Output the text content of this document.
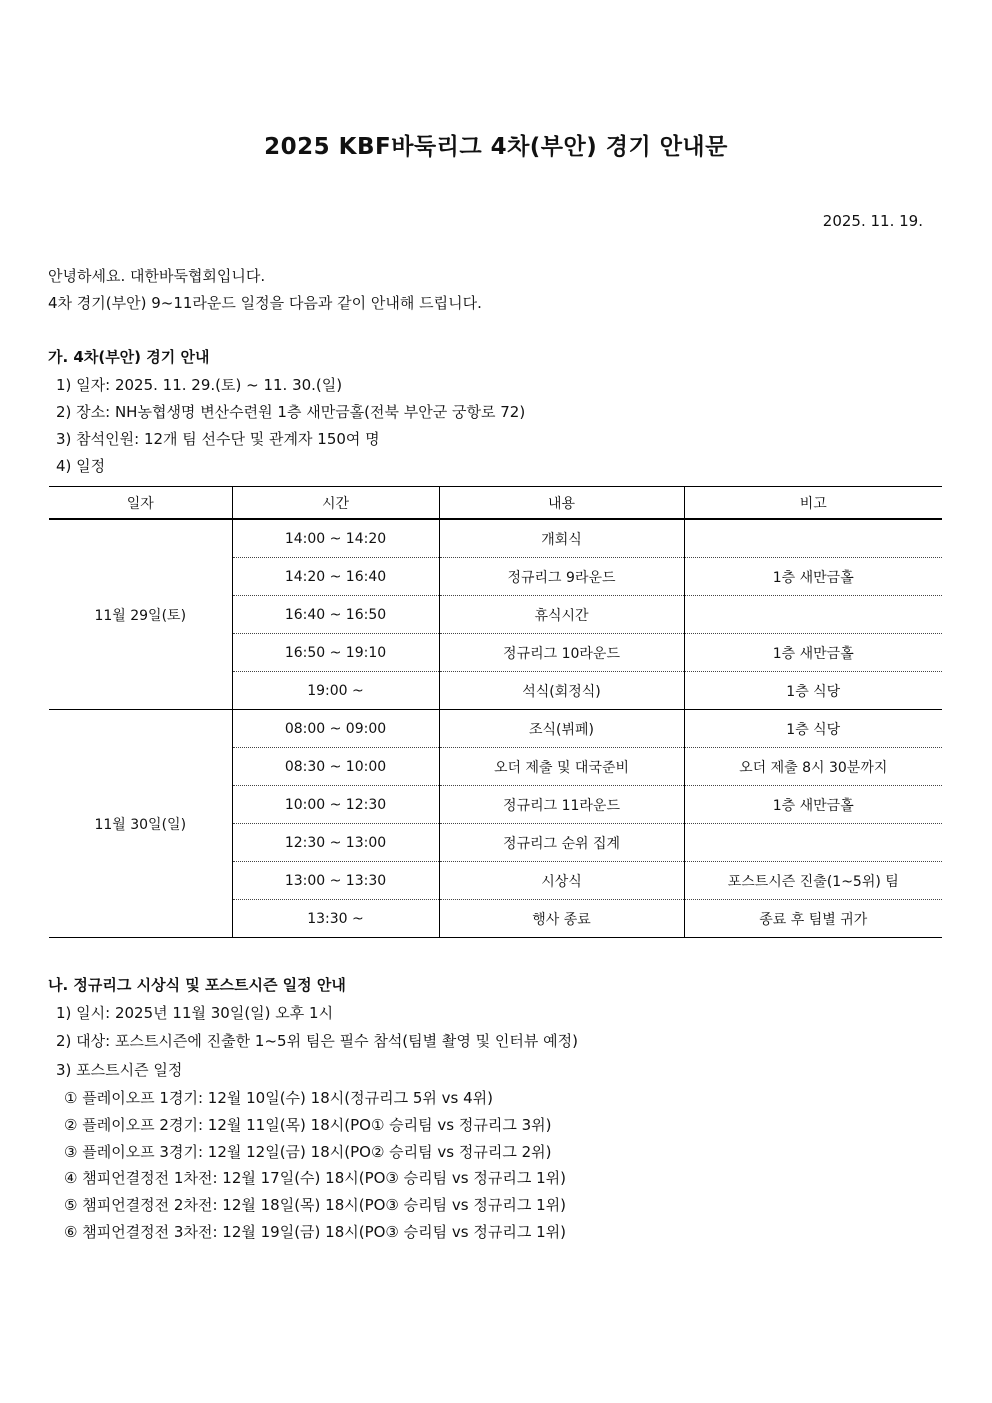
2025 KBF바둑리그 4차(부안) 경기 안내문
2025. 11. 19.
안녕하세요. 대한바둑협회입니다.
4차 경기(부안) 9~11라운드 일정을 다음과 같이 안내해 드립니다.
가. 4차(부안) 경기 안내
1) 일자: 2025. 11. 29.(토) ~ 11. 30.(일)
2) 장소: NH농협생명 변산수련원 1층 새만금홀(전북 부안군 궁항로 72)
3) 참석인원: 12개 팀 선수단 및 관계자 150여 명
4) 일정
일자	시간	내용	비고
11월 29일(토)	14:00 ~ 14:20	개회식	
	14:20 ~ 16:40	정규리그 9라운드	1층 새만금홀
	16:40 ~ 16:50	휴식시간	
	16:50 ~ 19:10	정규리그 10라운드	1층 새만금홀
	19:00 ~	석식(회정식)	1층 식당
11월 30일(일)	08:00 ~ 09:00	조식(뷔페)	1층 식당
	08:30 ~ 10:00	오더 제출 및 대국준비	오더 제출 8시 30분까지
	10:00 ~ 12:30	정규리그 11라운드	1층 새만금홀
	12:30 ~ 13:00	정규리그 순위 집계	
	13:00 ~ 13:30	시상식	포스트시즌 진출(1~5위) 팀
	13:30 ~	행사 종료	종료 후 팀별 귀가
나. 정규리그 시상식 및 포스트시즌 일정 안내
1) 일시: 2025년 11월 30일(일) 오후 1시
2) 대상: 포스트시즌에 진출한 1~5위 팀은 필수 참석(팀별 촬영 및 인터뷰 예정)
3) 포스트시즌 일정
① 플레이오프 1경기: 12월 10일(수) 18시(정규리그 5위 vs 4위)
② 플레이오프 2경기: 12월 11일(목) 18시(PO① 승리팀 vs 정규리그 3위)
③ 플레이오프 3경기: 12월 12일(금) 18시(PO② 승리팀 vs 정규리그 2위)
④ 챔피언결정전 1차전: 12월 17일(수) 18시(PO③ 승리팀 vs 정규리그 1위)
⑤ 챔피언결정전 2차전: 12월 18일(목) 18시(PO③ 승리팀 vs 정규리그 1위)
⑥ 챔피언결정전 3차전: 12월 19일(금) 18시(PO③ 승리팀 vs 정규리그 1위)
